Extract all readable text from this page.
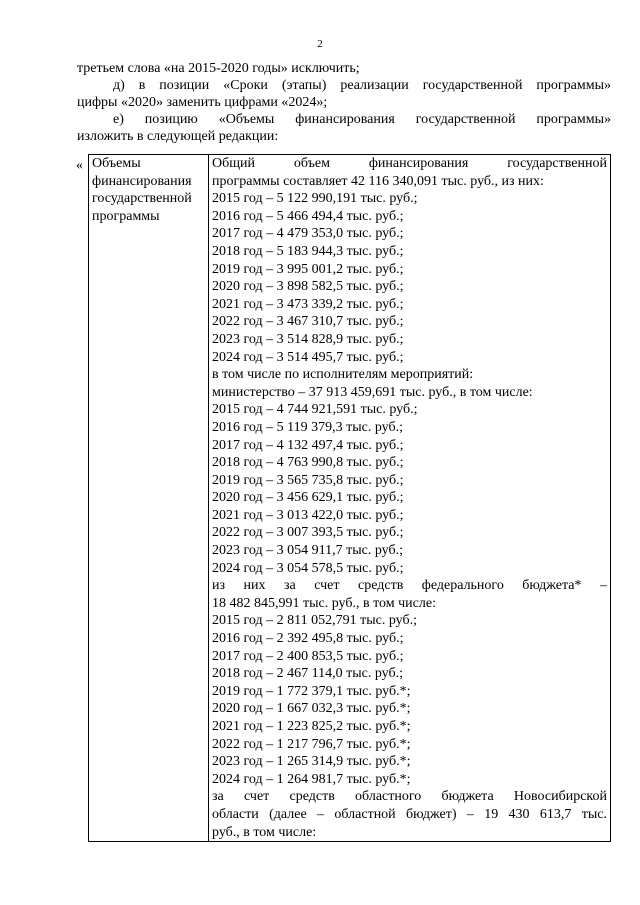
2

третьем слова «на 2015-2020 годы» исключить;

д) в позиции «Сроки (этапы) реализации государственной программы»

цифры «2020» заменить цифрами «2024»;

е) позицию «Объемы финансирования государственной программы»

изложить в следующей редакции:

« Объемы
финансирования
государственной
программы

Общий объем финансирования государственной
программы составляет 42 116 340,091 тыс. руб., из них:
2015 год – 5 122 990,191 тыс. руб.;
2016 год – 5 466 494,4 тыс. руб.;
2017 год – 4 479 353,0 тыс. руб.;
2018 год – 5 183 944,3 тыс. руб.;
2019 год – 3 995 001,2 тыс. руб.;
2020 год – 3 898 582,5 тыс. руб.;
2021 год – 3 473 339,2 тыс. руб.;
2022 год – 3 467 310,7 тыс. руб.;
2023 год – 3 514 828,9 тыс. руб.;
2024 год – 3 514 495,7 тыс. руб.;
в том числе по исполнителям мероприятий:
министерство – 37 913 459,691 тыс. руб., в том числе:
2015 год – 4 744 921,591 тыс. руб.;
2016 год – 5 119 379,3 тыс. руб.;
2017 год – 4 132 497,4 тыс. руб.;
2018 год – 4 763 990,8 тыс. руб.;
2019 год – 3 565 735,8 тыс. руб.;
2020 год – 3 456 629,1 тыс. руб.;
2021 год – 3 013 422,0 тыс. руб.;
2022 год – 3 007 393,5 тыс. руб.;
2023 год – 3 054 911,7 тыс. руб.;
2024 год – 3 054 578,5 тыс. руб.;
из них за счет средств федерального бюджета* –
18 482 845,991 тыс. руб., в том числе:
2015 год – 2 811 052,791 тыс. руб.;
2016 год – 2 392 495,8 тыс. руб.;
2017 год – 2 400 853,5 тыс. руб.;
2018 год – 2 467 114,0 тыс. руб.;
2019 год – 1 772 379,1 тыс. руб.*;
2020 год – 1 667 032,3 тыс. руб.*;
2021 год – 1 223 825,2 тыс. руб.*;
2022 год – 1 217 796,7 тыс. руб.*;
2023 год – 1 265 314,9 тыс. руб.*;
2024 год – 1 264 981,7 тыс. руб.*;
за счет средств областного бюджета Новосибирской
области (далее – областной бюджет) – 19 430 613,7 тыс.
руб., в том числе:
